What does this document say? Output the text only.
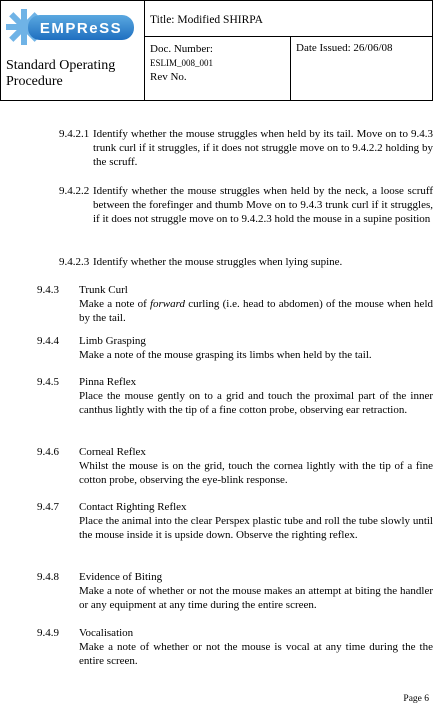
EMPReSS
Standard Operating Procedure
Title: Modified SHIRPA
Doc. Number:
ESLIM_008_001
Rev No.
Date Issued: 26/06/08
9.4.2.1 Identify whether the mouse struggles when held by its tail. Move on to 9.4.3 trunk curl if it struggles, if it does not struggle move on to 9.4.2.2 holding by the scruff.
9.4.2.2 Identify whether the mouse struggles when held by the neck, a loose scruff between the forefinger and thumb Move on to 9.4.3 trunk curl if it struggles, if it does not struggle move on to 9.4.2.3 hold the mouse in a supine position
9.4.2.3 Identify whether the mouse struggles when lying supine.
9.4.3 Trunk Curl
Make a note of forward curling (i.e. head to abdomen) of the mouse when held by the tail.
9.4.4 Limb Grasping
Make a note of the mouse grasping its limbs when held by the tail.
9.4.5 Pinna Reflex
Place the mouse gently on to a grid and touch the proximal part of the inner canthus lightly with the tip of a fine cotton probe, observing ear retraction.
9.4.6 Corneal Reflex
Whilst the mouse is on the grid, touch the cornea lightly with the tip of a fine cotton probe, observing the eye-blink response.
9.4.7 Contact Righting Reflex
Place the animal into the clear Perspex plastic tube and roll the tube slowly until the mouse inside it is upside down. Observe the righting reflex.
9.4.8 Evidence of Biting
Make a note of whether or not the mouse makes an attempt at biting the handler or any equipment at any time during the entire screen.
9.4.9 Vocalisation
Make a note of whether or not the mouse is vocal at any time during the the entire screen.
Page 6
